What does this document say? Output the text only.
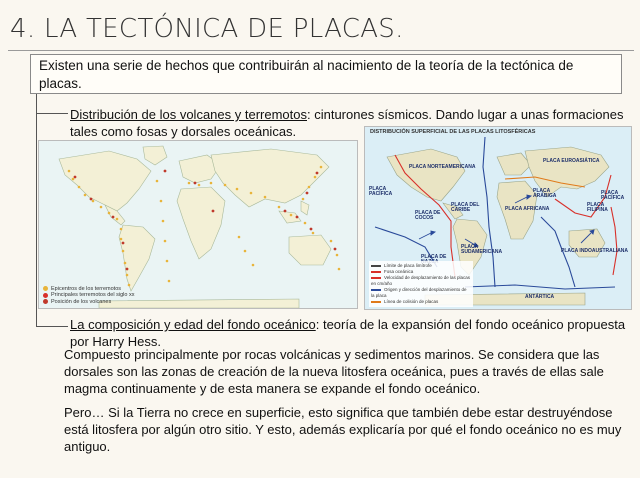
4. LA TECTÓNICA DE PLACAS.
Existen una serie de hechos que contribuirán al nacimiento de la teoría de la tectónica de placas.
Distribución de los volcanes y terremotos: cinturones sísmicos. Dando lugar a unas formaciones tales como fosas y dorsales oceánicas.
Epicentros de los terremotos
Principales terremotos del siglo xx
Posición de los volcanes
DISTRIBUCIÓN SUPERFICIAL DE LAS PLACAS LITOSFÉRICAS
PLACA NORTEAMERICANA
PLACA EUROASIÁTICA
PLACA PACÍFICA	PLACA PACÍFICA
PLACA AFRICANA
PLACA SUDAMERICANA	PLACA INDOAUSTRALIANA
PLACA DE
PLACA DE COCOS
PLACA DEL CARIBE
PLACA ARÁBIGA
PLACA FILIPINA
ANTÁRTICA
Límite de placa limítrofe
Fosa oceánica
Velocidad de desplazamiento de las placas en cm/año
Origen y dirección del desplazamiento de la placa
Línea de colisión de placas
La composición y edad del fondo oceánico: teoría de la expansión del fondo oceánico propuesta por Harry Hess.
Compuesto principalmente por rocas volcánicas y sedimentos marinos. Se considera que las dorsales son las zonas de creación de la nueva litosfera oceánica, pues a través de ellas sale magma continuamente y de esta manera se expande el fondo oceánico.
Pero… Si la Tierra no crece en superficie, esto significa que también debe estar destruyéndose está litosfera por algún otro sitio. Y esto, además explicaría por qué el fondo oceánico no es muy antiguo.
